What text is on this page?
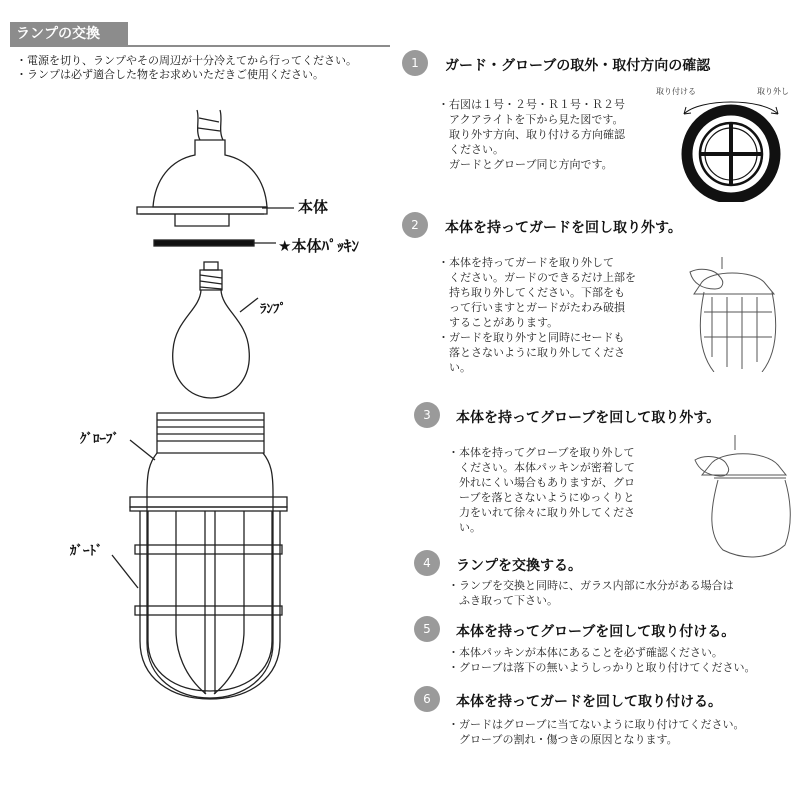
ランプの交換
・電源を切り、ランプやその周辺が十分冷えてから行ってください。
・ランプは必ず適合した物をお求めいただきご使用ください。
本体
★本体ﾊﾟｯｷﾝ
ﾗﾝﾌﾟ
ｸﾞﾛｰﾌﾞ
ｶﾞｰﾄﾞ
1	ガード・グローブの取外・取付方向の確認
・右図は１号・２号・Ｒ１号・Ｒ２号
　アクアライトを下から見た図です。
　取り外す方向、取り付ける方向確認
　ください。
　ガードとグローブ同じ方向です。
取り付ける	取り外し
2	本体を持ってガードを回し取り外す。
・本体を持ってガードを取り外して
　ください。ガードのできるだけ上部を
　持ち取り外してください。下部をも
　って行いますとガードがたわみ破損
　することがあります。
・ガードを取り外すと同時にセードも
　落とさないように取り外してくださ
　い。
3	本体を持ってグローブを回して取り外す。
・本体を持ってグローブを取り外して
　ください。本体パッキンが密着して
　外れにくい場合もありますが、グロ
　ーブを落とさないようにゆっくりと
　力をいれて徐々に取り外してくださ
　い。
4	ランプを交換する。
・ランプを交換と同時に、ガラス内部に水分がある場合は
　ふき取って下さい。
5	本体を持ってグローブを回して取り付ける。
・本体パッキンが本体にあることを必ず確認ください。
・グローブは落下の無いようしっかりと取り付けてください。
6	本体を持ってガードを回して取り付ける。
・ガードはグローブに当てないように取り付けてください。
　グローブの割れ・傷つきの原因となります。
